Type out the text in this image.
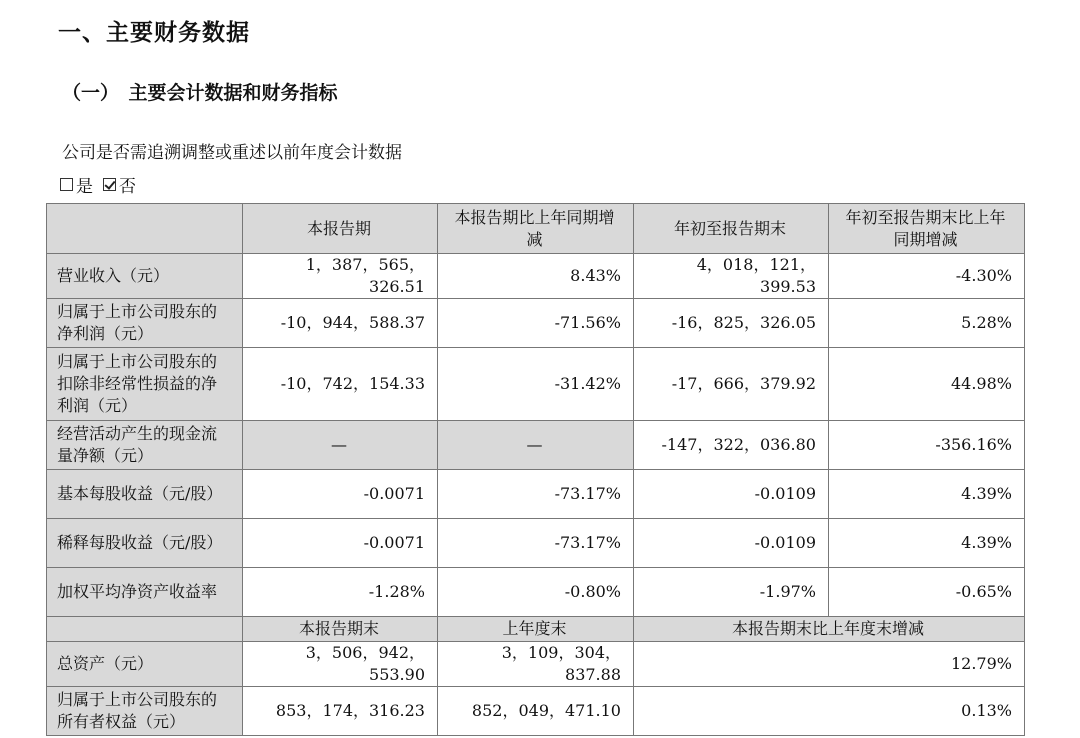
一、主要财务数据
（一）　主要会计数据和财务指标
公司是否需追溯调整或重述以前年度会计数据
是 否
	本报告期	本报告期比上年同期增减	年初至报告期末	年初至报告期末比上年同期增减
营业收入（元）	1，387，565，326.51	8.43%	4，018，121，399.53	-4.30%
归属于上市公司股东的净利润（元）	-10，944，588.37	-71.56%	-16，825，326.05	5.28%
归属于上市公司股东的扣除非经常性损益的净利润（元）	-10，742，154.33	-31.42%	-17，666，379.92	44.98%
经营活动产生的现金流量净额（元）	—	—	-147，322，036.80	-356.16%
基本每股收益（元/股）	-0.0071	-73.17%	-0.0109	4.39%
稀释每股收益（元/股）	-0.0071	-73.17%	-0.0109	4.39%
加权平均净资产收益率	-1.28%	-0.80%	-1.97%	-0.65%
	本报告期末	上年度末	本报告期末比上年度末增减	
总资产（元）	3，506，942，553.90	3，109，304，837.88	12.79%	
归属于上市公司股东的所有者权益（元）	853，174，316.23	852，049，471.10	0.13%	
